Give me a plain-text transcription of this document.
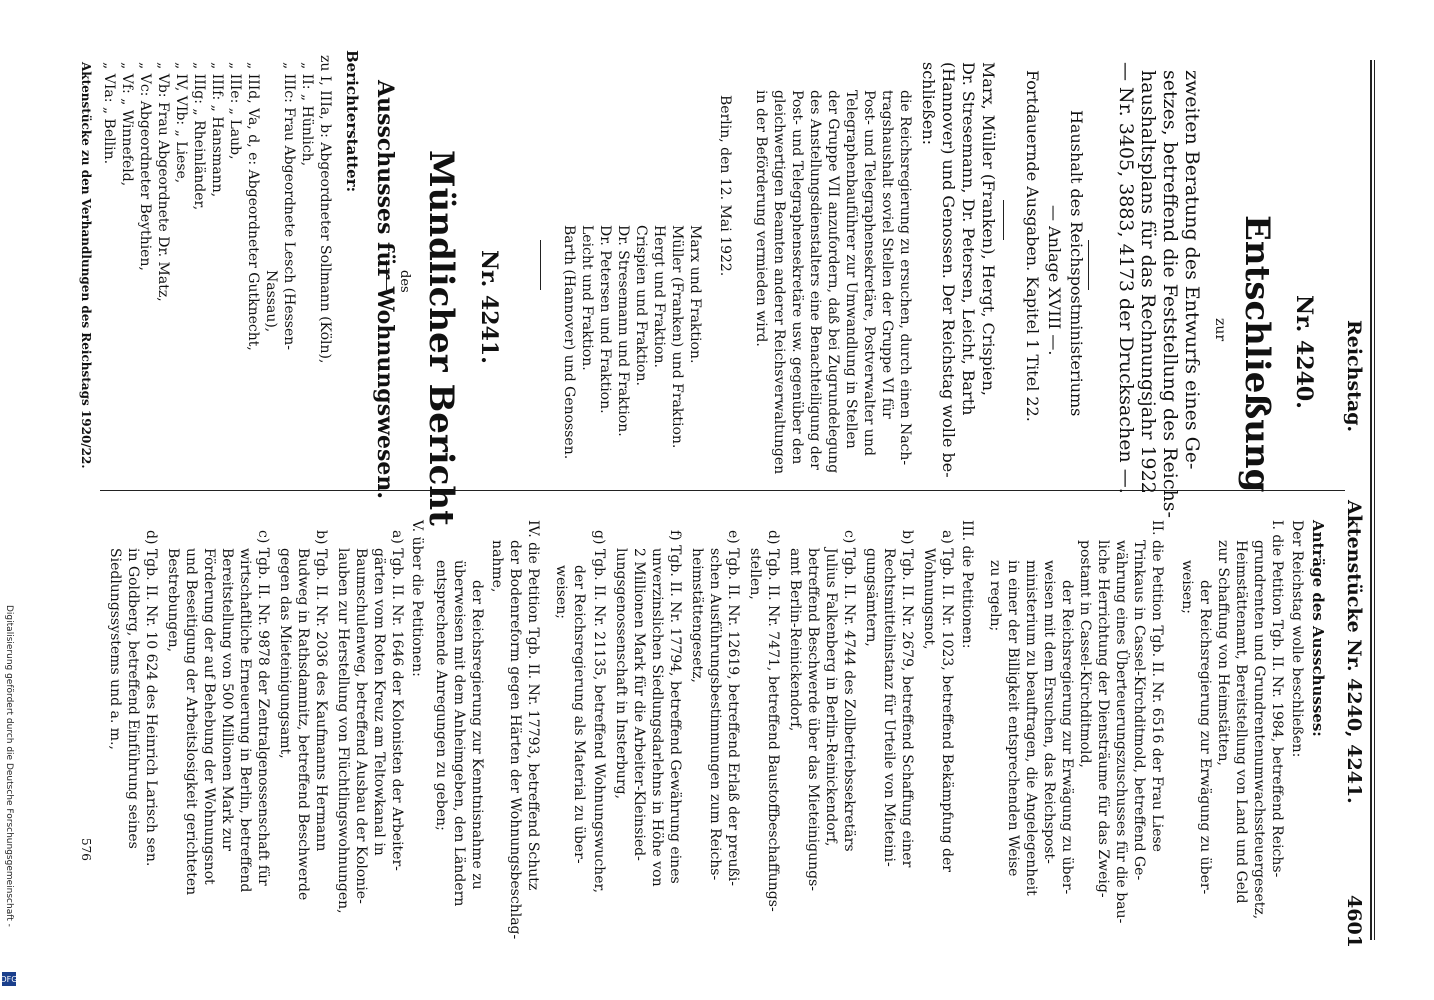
Reichstag.
Aktenstücke Nr. 4240, 4241.
4601
Nr. 4240.
Entschließung
zur
zweiten Beratung des Entwurfs eines Ge-
setzes, betreffend die Feststellung des Reichs-
haushaltsplans für das Rechnungsjahr 1922
— Nr. 3405, 3883, 4173 der Drucksachen —.
Haushalt des Reichspostministeriums
— Anlage XVIII —.
Fortdauernde Ausgaben. Kapitel 1 Titel 22.
Marx, Müller (Franken), Hergt, Crispien,
Dr. Stresemann, Dr. Petersen, Leicht, Barth
(Hannover) und Genossen. Der Reichstag wolle be-
schließen:
die Reichsregierung zu ersuchen, durch einen Nach-
tragshaushalt soviel Stellen der Gruppe VI für
Post- und Telegraphensekretäre, Postverwalter und
Telegraphenbauführer zur Umwandlung in Stellen
der Gruppe VII anzufordern, daß bei Zugrundelegung
des Anstellungsdienstalters eine Benachteiligung der
Post- und Telegraphensekretäre usw. gegenüber den
gleichwertigen Beamten anderer Reichsverwaltungen
in der Beförderung vermieden wird.
Berlin, den 12. Mai 1922.
Marx und Fraktion.
Müller (Franken) und Fraktion.
Hergt und Fraktion.
Crispien und Fraktion.
Dr. Stresemann und Fraktion.
Dr. Petersen und Fraktion.
Leicht und Fraktion.
Barth (Hannover) und Genossen.
Nr. 4241.
Mündlicher Bericht
des
Ausschusses für Wohnungswesen.
Berichterstatter:
zu I, IIIa, b: Abgeordneter Sollmann (Köln),
„ II: „ Hünlich,
„ IIIc: Frau Abgeordnete Lesch (Hessen-
Nassau),
„ IIId, Va, d, e: Abgeordneter Gutknecht,
„ IIIe: „ Laub,
„ IIIf: „ Hansmann,
„ IIIg: „ Rheinländer,
„ IV, VIb: „ Liese,
„ Vb: Frau Abgeordnete Dr. Matz,
„ Vc: Abgeordneter Beythien,
„ Vf: „ Winnefeld,
„ VIa: „ Bellin.
Aktenstücke zu den Verhandlungen des Reichstags 1920/22.
Anträge des Ausschusses:
Der Reichstag wolle beschließen:
I. die Petition Tgb. II. Nr. 1984, betreffend Reichs-
grundrenten und Grundrentenumwachssteuergesetz,
Heimstättenamt, Bereitstellung von Land und Geld
zur Schaffung von Heimstätten,
der Reichsregierung zur Erwägung zu über-
weisen;
II. die Petition Tgb. II. Nr. 6516 der Frau Liese
Trinkaus in Cassel-Kirchditmold, betreffend Ge-
währung eines Überteuerungszuschusses für die bau-
liche Herrichtung der Diensträume für das Zweig-
postamt in Cassel-Kirchditmold,
der Reichsregierung zur Erwägung zu über-
weisen mit dem Ersuchen, das Reichspost-
ministerium zu beauftragen, die Angelegenheit
in einer der Billigkeit entsprechenden Weise
zu regeln;
III. die Petitionen:
a) Tgb. II. Nr. 1023, betreffend Bekämpfung der
Wohnungsnot,
b) Tgb. II. Nr. 2679, betreffend Schaffung einer
Rechtsmittelinstanz für Urteile von Mieteini-
gungsämtern,
c) Tgb. II. Nr. 4744 des Zollbetriebssekretärs
Julius Falkenberg in Berlin-Reinickendorf,
betreffend Beschwerde über das Mieteinigungs-
amt Berlin-Reinickendorf,
d) Tgb. II. Nr. 7471, betreffend Baustoffbeschaffungs-
stellen,
e) Tgb. II. Nr. 12619, betreffend Erlaß der preußi-
schen Ausführungsbestimmungen zum Reichs-
heimstättengesetz,
f) Tgb. II. Nr. 17794, betreffend Gewährung eines
unverzinslichen Siedlungsdarlehns in Höhe von
2 Millionen Mark für die Arbeiter-Kleinsied-
lungsgenossenschaft in Insterburg,
g) Tgb. II. Nr. 21135, betreffend Wohnungswucher,
der Reichsregierung als Material zu über-
weisen;
IV. die Petition Tgb. II. Nr. 17793, betreffend Schutz
der Bodenreform gegen Härten der Wohnungsbeschlag-
nahme,
der Reichsregierung zur Kenntnisnahme zu
überweisen mit dem Anheimgeben, den Ländern
entsprechende Anregungen zu geben;
V. über die Petitionen:
a) Tgb. II. Nr. 1646 der Kolonisten der Arbeiter-
gärten vom Roten Kreuz am Teltowkanal in
Baumschulenweg, betreffend Ausbau der Kolonie-
lauben zur Herstellung von Flüchtlingswohnungen,
b) Tgb. II. Nr. 2036 des Kaufmanns Hermann
Budweg in Rathsdamnitz, betreffend Beschwerde
gegen das Mieteinigungsamt,
c) Tgb. II. Nr. 9878 der Zentralgenossenschaft für
wirtschaftliche Erneuerung in Berlin, betreffend
Bereitstellung von 500 Millionen Mark zur
Förderung der auf Behebung der Wohnungsnot
und Beseitigung der Arbeitslosigkeit gerichteten
Bestrebungen,
d) Tgb. II. Nr. 10 624 des Heinrich Larisch sen.
in Goldberg, betreffend Einführung seines
Siedlungssystems und a. m.,
576
Digitalisierung gefördert durch die Deutsche Forschungsgemeinschaft -
DFG
